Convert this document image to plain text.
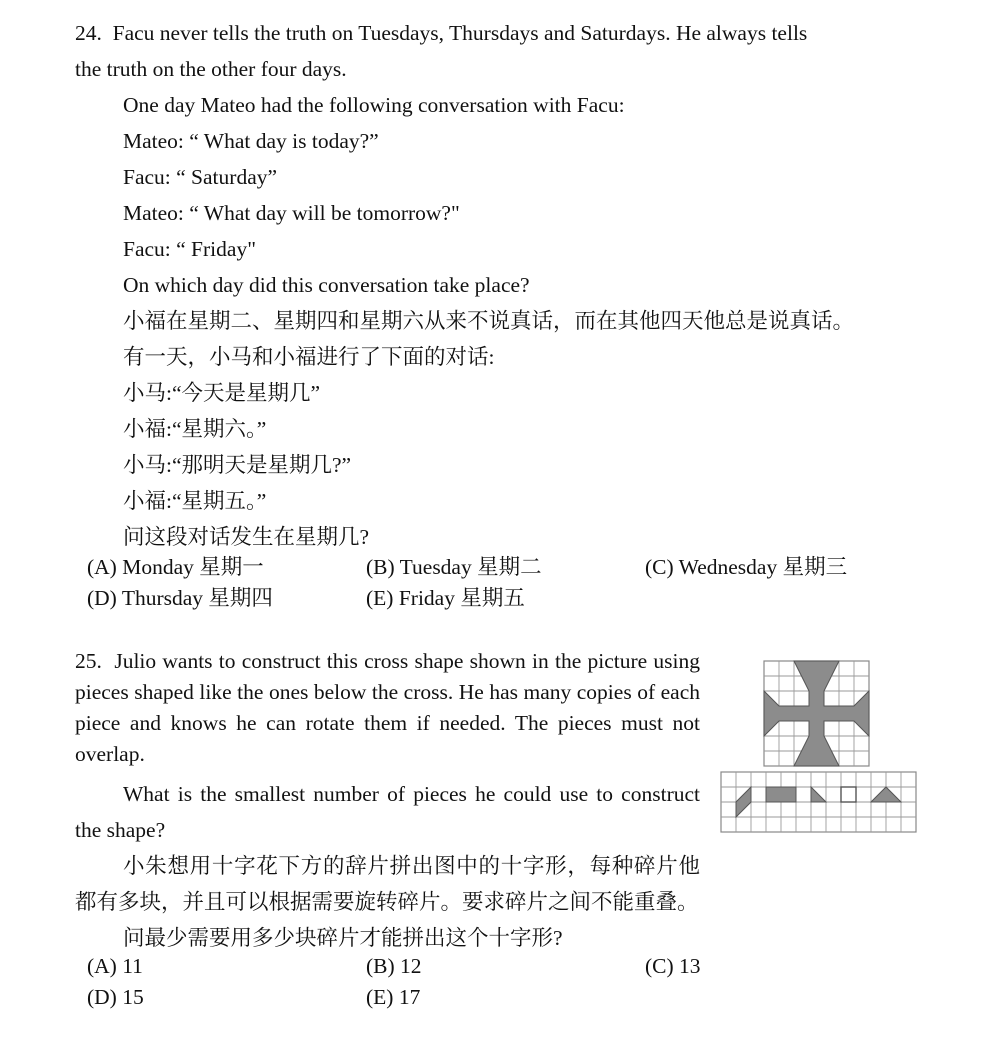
24. Facu never tells the truth on Tuesdays, Thursdays and Saturdays. He always tells
the truth on the other four days.
One day Mateo had the following conversation with Facu:
Mateo: “ What day is today?”
Facu: “ Saturday”
Mateo: “ What day will be tomorrow?"
Facu: “ Friday"
On which day did this conversation take place?
小福在星期二、星期四和星期六从来不说真话，而在其他四天他总是说真话。
有一天，小马和小福进行了下面的对话:
小马:“今天是星期几”
小福:“星期六。”
小马:“那明天是星期几?”
小福:“星期五。”
问这段对话发生在星期几?
(A) Monday 星期一	(B) Tuesday 星期二	(C) Wednesday 星期三
(D) Thursday 星期四	(E) Friday 星期五
25. Julio wants to construct this cross shape shown in the picture using pieces shaped like the ones below the cross. He has many copies of each piece and knows he can rotate them if needed. The pieces must not overlap.
What is the smallest number of pieces he could use to construct the shape?
小朱想用十字花下方的辞片拼出图中的十字形，每种碎片他都有多块，并且可以根据需要旋转碎片。要求碎片之间不能重叠。
问最少需要用多少块碎片才能拼出这个十字形?
(A) 11	(B) 12	(C) 13
(D) 15	(E) 17
